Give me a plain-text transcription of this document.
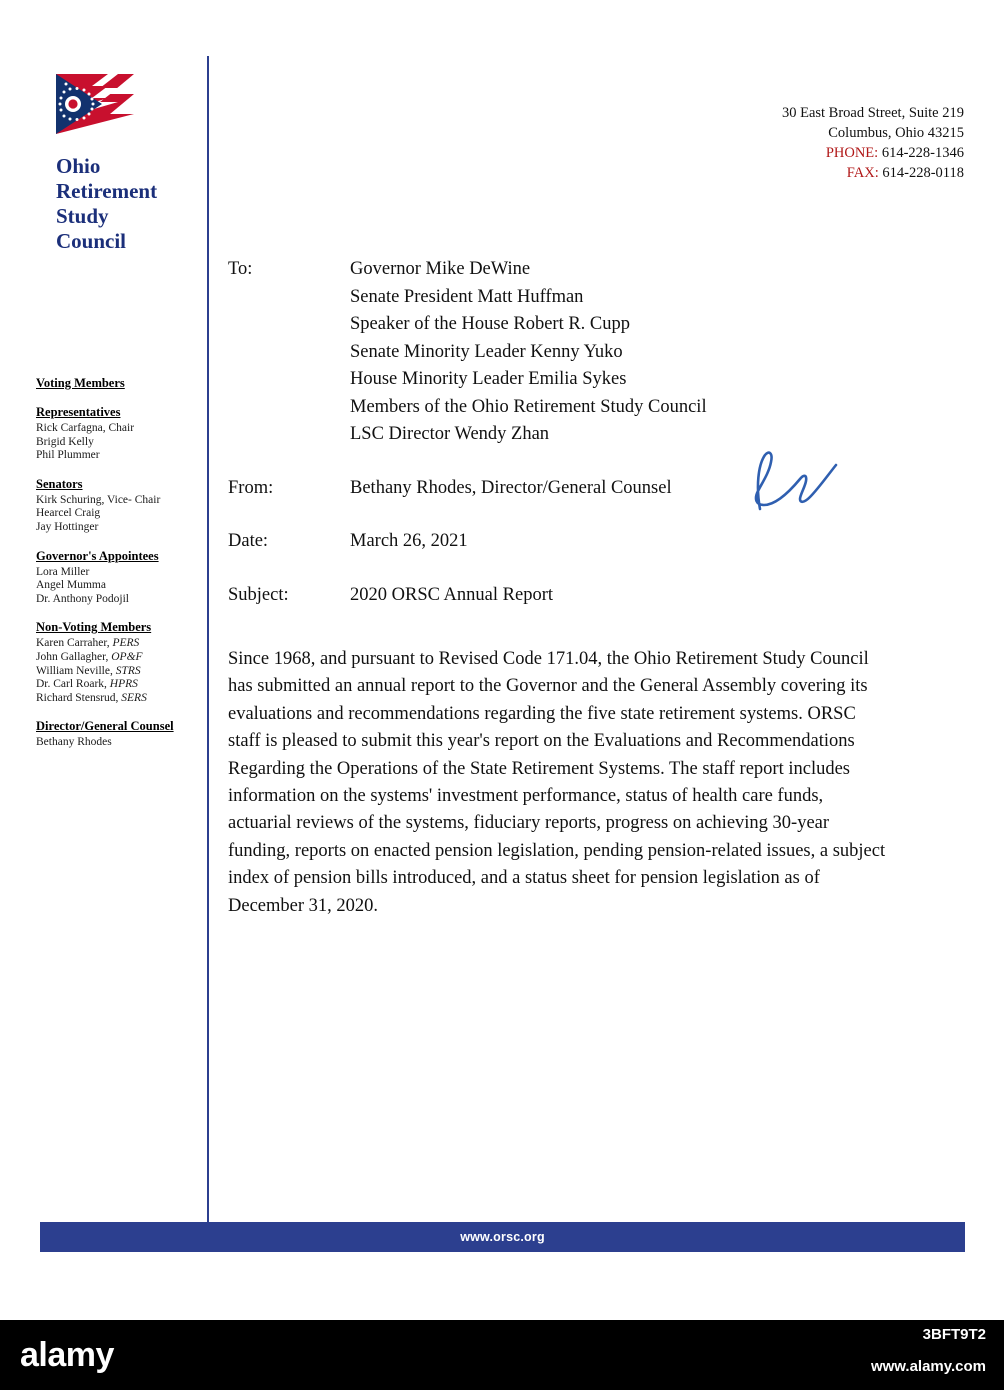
Ohio
Retirement
Study
Council
Voting Members
Representatives
Rick Carfagna, Chair
Brigid Kelly
Phil Plummer
Senators
Kirk Schuring, Vice- Chair
Hearcel Craig
Jay Hottinger
Governor's Appointees
Lora Miller
Angel Mumma
Dr. Anthony Podojil
Non-Voting Members
Karen Carraher, PERS
John Gallagher, OP&F
William Neville, STRS
Dr. Carl Roark, HPRS
Richard Stensrud, SERS
Director/General Counsel
Bethany Rhodes
30 East Broad Street, Suite 219
Columbus, Ohio 43215
PHONE: 614-228-1346
FAX: 614-228-0118
To:	Governor Mike DeWine
Senate President Matt Huffman
Speaker of the House Robert R. Cupp
Senate Minority Leader Kenny Yuko
House Minority Leader Emilia Sykes
Members of the Ohio Retirement Study Council
LSC Director Wendy Zhan
From:	Bethany Rhodes, Director/General Counsel
Date:	March 26, 2021
Subject:	2020 ORSC Annual Report
Since 1968, and pursuant to Revised Code 171.04, the Ohio Retirement Study Council has submitted an annual report to the Governor and the General Assembly covering its evaluations and recommendations regarding the five state retirement systems. ORSC staff is pleased to submit this year's report on the Evaluations and Recommendations Regarding the Operations of the State Retirement Systems. The staff report includes information on the systems' investment performance, status of health care funds, actuarial reviews of the systems, fiduciary reports, progress on achieving 30-year funding, reports on enacted pension legislation, pending pension-related issues, a subject index of pension bills introduced, and a status sheet for pension legislation as of December 31, 2020.
www.orsc.org
alamy
3BFT9T2
www.alamy.com
